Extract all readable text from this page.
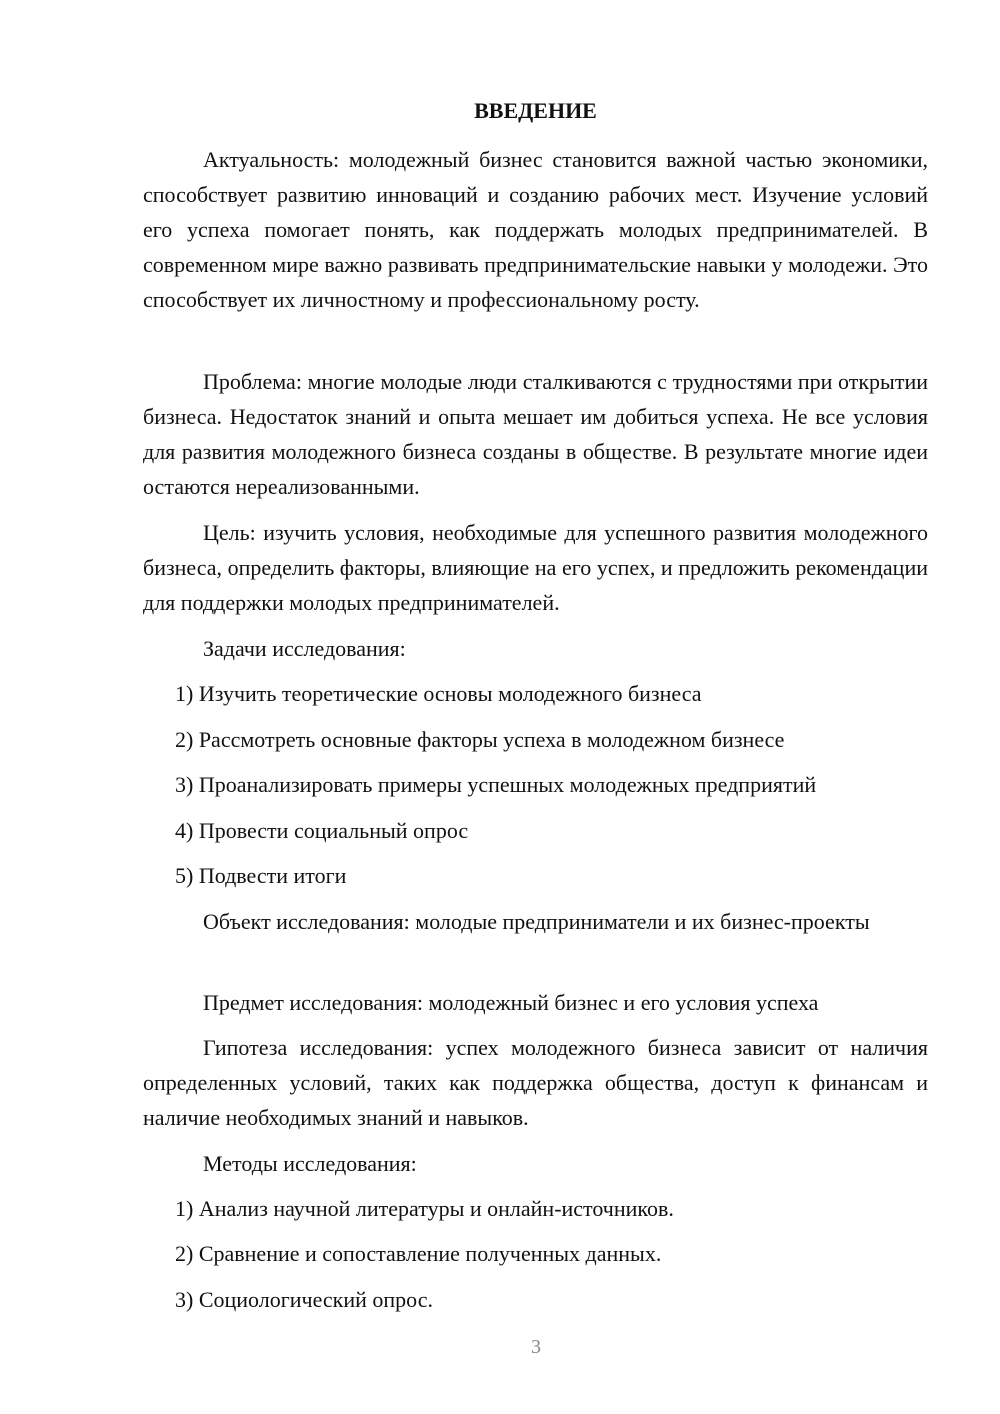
ВВЕДЕНИЕ

Актуальность: молодежный бизнес становится важной частью экономики, способствует развитию инноваций и созданию рабочих мест. Изучение условий его успеха помогает понять, как поддержать молодых предпринимателей. В современном мире важно развивать предпринимательские навыки у молодежи. Это способствует их личностному и профессиональному росту.

Проблема: многие молодые люди сталкиваются с трудностями при открытии бизнеса. Недостаток знаний и опыта мешает им добиться успеха. Не все условия для развития молодежного бизнеса созданы в обществе. В результате многие идеи остаются нереализованными.

Цель: изучить условия, необходимые для успешного развития молодежного бизнеса, определить факторы, влияющие на его успех, и предложить рекомендации для поддержки молодых предпринимателей.

Задачи исследования:

1) Изучить теоретические основы молодежного бизнеса

2) Рассмотреть основные факторы успеха в молодежном бизнесе

3) Проанализировать примеры успешных молодежных предприятий

4) Провести социальный опрос

5) Подвести итоги

Объект исследования: молодые предприниматели и их бизнес-проекты

Предмет исследования: молодежный бизнес и его условия успеха

Гипотеза исследования: успех молодежного бизнеса зависит от наличия определенных условий, таких как поддержка общества, доступ к финансам и наличие необходимых знаний и навыков.

Методы исследования:

1) Анализ научной литературы и онлайн-источников.

2) Сравнение и сопоставление полученных данных.

3) Социологический опрос.

3
